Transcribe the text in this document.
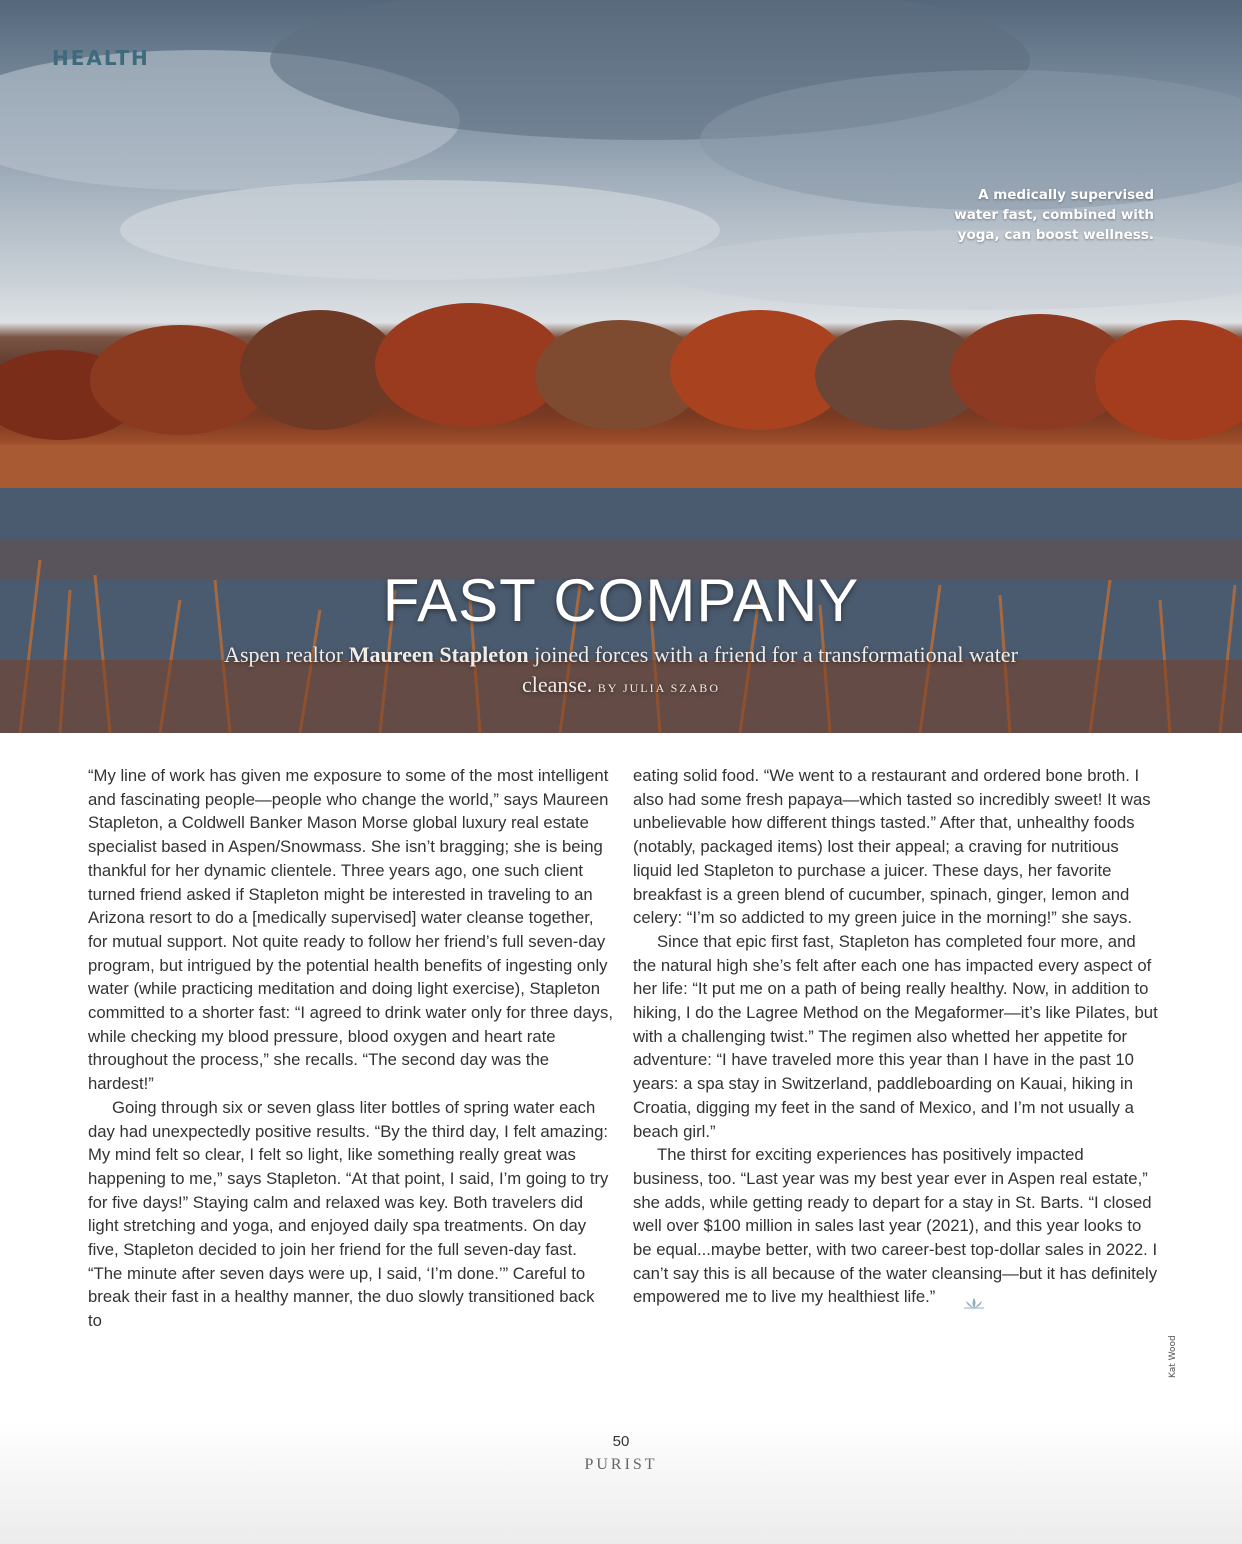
HEALTH
A medically supervised water fast, combined with yoga, can boost wellness.
FAST COMPANY
Aspen realtor Maureen Stapleton joined forces with a friend for a transformational water cleanse. BY JULIA SZABO

“My line of work has given me exposure to some of the most intelligent and fascinating people—people who change the world,” says Maureen Stapleton, a Coldwell Banker Mason Morse global luxury real estate specialist based in Aspen/Snowmass. She isn’t bragging; she is being thankful for her dynamic clientele. Three years ago, one such client turned friend asked if Stapleton might be interested in traveling to an Arizona resort to do a [medically supervised] water cleanse together, for mutual support. Not quite ready to follow her friend’s full seven-day program, but intrigued by the potential health benefits of ingesting only water (while practicing meditation and doing light exercise), Stapleton committed to a shorter fast: “I agreed to drink water only for three days, while checking my blood pressure, blood oxygen and heart rate throughout the process,” she recalls. “The second day was the hardest!”

Going through six or seven glass liter bottles of spring water each day had unexpectedly positive results. “By the third day, I felt amazing: My mind felt so clear, I felt so light, like something really great was happening to me,” says Stapleton. “At that point, I said, I’m going to try for five days!” Staying calm and relaxed was key. Both travelers did light stretching and yoga, and enjoyed daily spa treatments. On day five, Stapleton decided to join her friend for the full seven-day fast. “The minute after seven days were up, I said, ‘I’m done.’” Careful to break their fast in a healthy manner, the duo slowly transitioned back to

eating solid food. “We went to a restaurant and ordered bone broth. I also had some fresh papaya—which tasted so incredibly sweet! It was unbelievable how different things tasted.” After that, unhealthy foods (notably, packaged items) lost their appeal; a craving for nutritious liquid led Stapleton to purchase a juicer. These days, her favorite breakfast is a green blend of cucumber, spinach, ginger, lemon and celery: “I’m so addicted to my green juice in the morning!” she says.

Since that epic first fast, Stapleton has completed four more, and the natural high she’s felt after each one has impacted every aspect of her life: “It put me on a path of being really healthy. Now, in addition to hiking, I do the Lagree Method on the Megaformer—it’s like Pilates, but with a challenging twist.” The regimen also whetted her appetite for adventure: “I have traveled more this year than I have in the past 10 years: a spa stay in Switzerland, paddleboarding on Kauai, hiking in Croatia, digging my feet in the sand of Mexico, and I’m not usually a beach girl.”

The thirst for exciting experiences has positively impacted business, too. “Last year was my best year ever in Aspen real estate,” she adds, while getting ready to depart for a stay in St. Barts. “I closed well over $100 million in sales last year (2021), and this year looks to be equal...maybe better, with two career-best top-dollar sales in 2022. I can’t say this is all because of the water cleansing—but it has definitely empowered me to live my healthiest life.”

Kat Wood
50
PURIST
